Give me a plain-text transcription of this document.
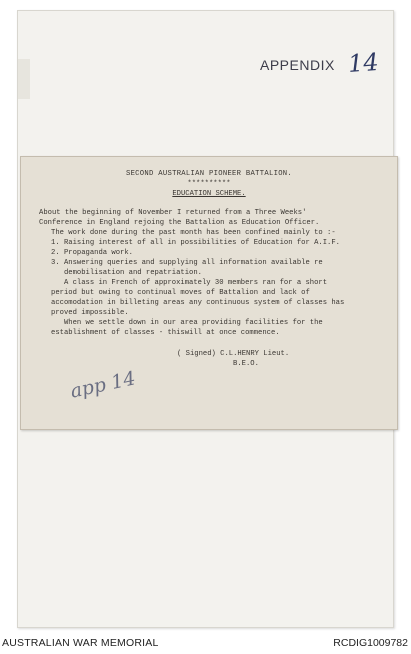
APPENDIX 14
SECOND AUSTRALIAN PIONEER BATTALION.
**********
EDUCATION SCHEME.
About the beginning of November I returned from a Three Weeks'
Conference in England rejoing the Battalion as Education Officer.
The work done during the past month has been confined mainly to :-
1. Raising interest of all in possibilities of Education for A.I.F.
2. Propaganda work.
3. Answering queries and supplying all information available re
demobilisation and repatriation.
A class in French of approximately 30 members ran for a short
period but owing to continual moves of Battalion and lack of
accomodation in billeting areas any continuous system of classes has
proved impossible.
When we settle down in our area providing facilities for the
establishment of classes - thiswill at once commence.
( Signed) C.L.HENRY Lieut.
B.E.O.
app 14
AUSTRALIAN WAR MEMORIAL	RCDIG1009782
